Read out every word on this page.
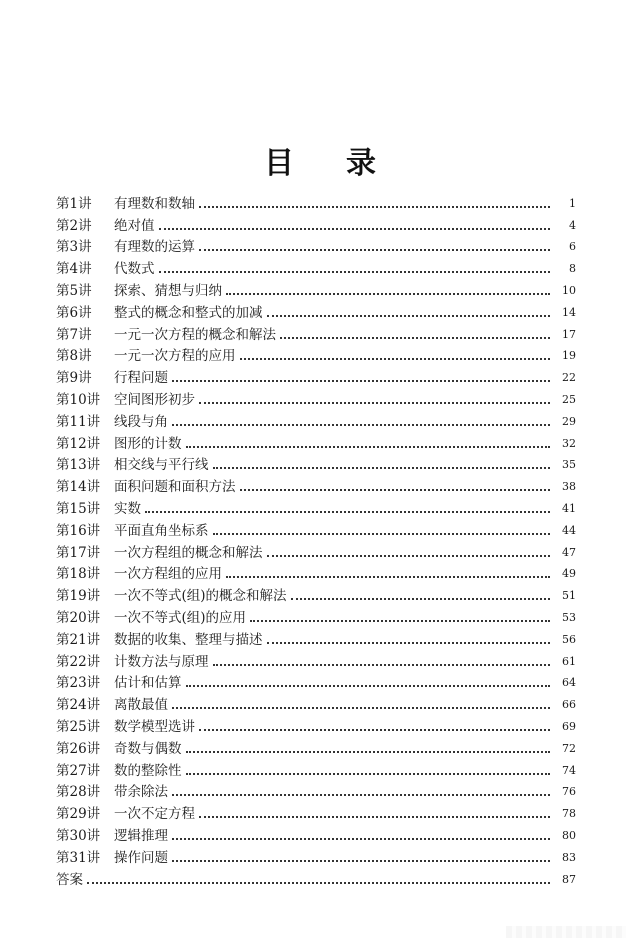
目录
第1讲	有理数和数轴	1
第2讲	绝对值	4
第3讲	有理数的运算	6
第4讲	代数式	8
第5讲	探索、猜想与归纳	10
第6讲	整式的概念和整式的加减	14
第7讲	一元一次方程的概念和解法	17
第8讲	一元一次方程的应用	19
第9讲	行程问题	22
第10讲	空间图形初步	25
第11讲	线段与角	29
第12讲	图形的计数	32
第13讲	相交线与平行线	35
第14讲	面积问题和面积方法	38
第15讲	实数	41
第16讲	平面直角坐标系	44
第17讲	一次方程组的概念和解法	47
第18讲	一次方程组的应用	49
第19讲	一次不等式(组)的概念和解法	51
第20讲	一次不等式(组)的应用	53
第21讲	数据的收集、整理与描述	56
第22讲	计数方法与原理	61
第23讲	估计和估算	64
第24讲	离散最值	66
第25讲	数学模型选讲	69
第26讲	奇数与偶数	72
第27讲	数的整除性	74
第28讲	带余除法	76
第29讲	一次不定方程	78
第30讲	逻辑推理	80
第31讲	操作问题	83
答案	87
